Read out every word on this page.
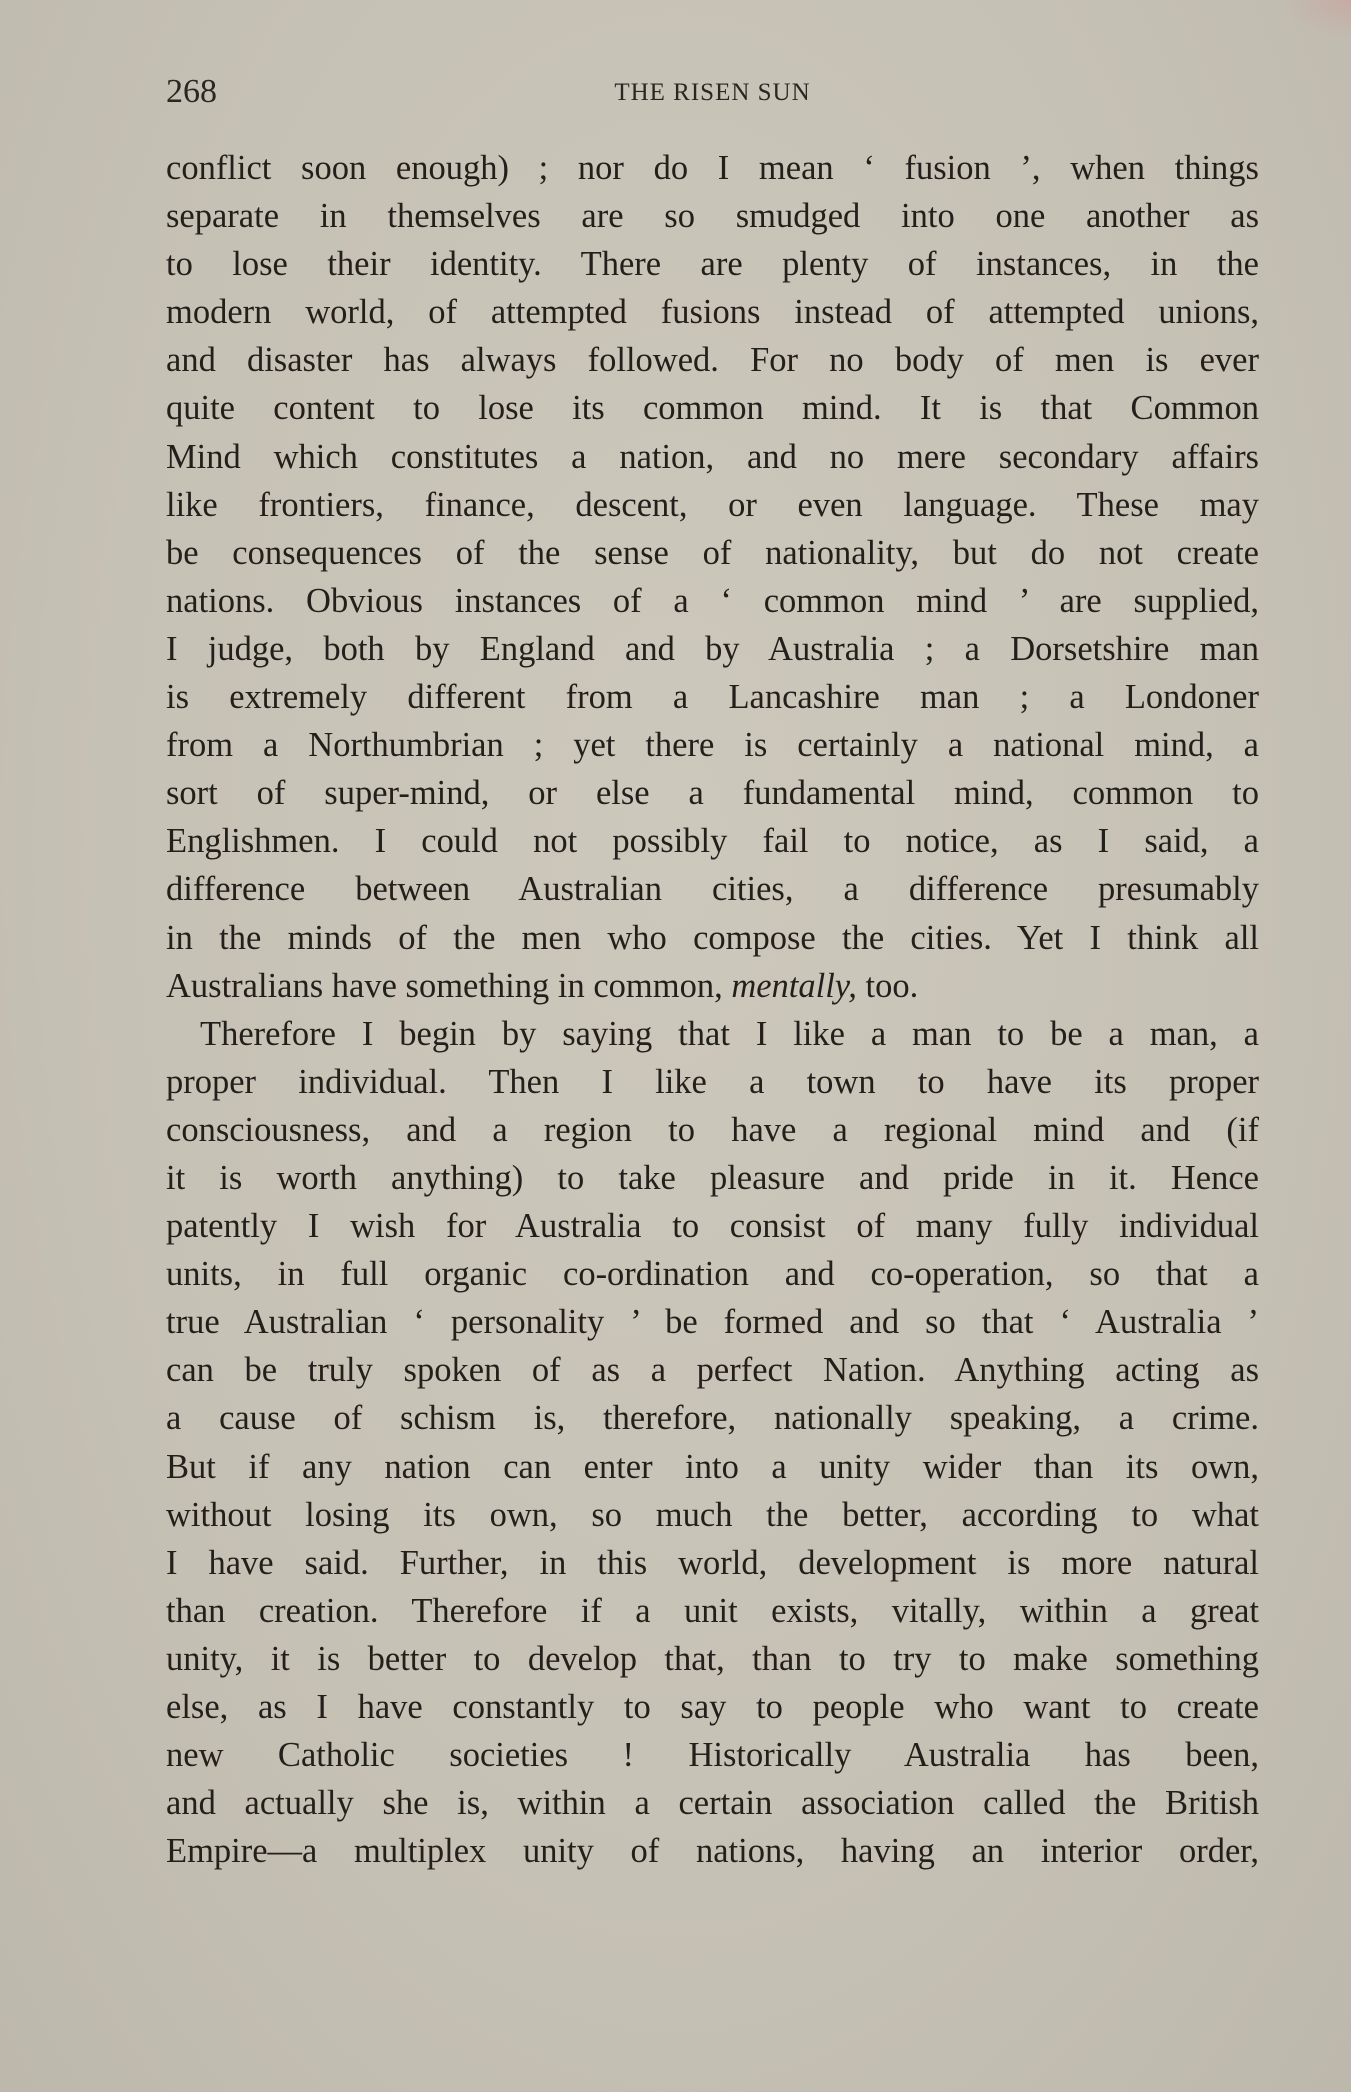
268	THE RISEN SUN
conflict soon enough) ; nor do I mean ‘ fusion ’, when things
separate in themselves are so smudged into one another as
to lose their identity. There are plenty of instances, in the
modern world, of attempted fusions instead of attempted unions,
and disaster has always followed. For no body of men is ever
quite content to lose its common mind. It is that Common
Mind which constitutes a nation, and no mere secondary affairs
like frontiers, finance, descent, or even language. These may
be consequences of the sense of nationality, but do not create
nations. Obvious instances of a ‘ common mind ’ are supplied,
I judge, both by England and by Australia ; a Dorsetshire man
is extremely different from a Lancashire man ; a Londoner
from a Northumbrian ; yet there is certainly a national mind, a
sort of super-mind, or else a fundamental mind, common to
Englishmen. I could not possibly fail to notice, as I said, a
difference between Australian cities, a difference presumably
in the minds of the men who compose the cities. Yet I think all
Australians have something in common, mentally, too.
Therefore I begin by saying that I like a man to be a man, a
proper individual. Then I like a town to have its proper
consciousness, and a region to have a regional mind and (if
it is worth anything) to take pleasure and pride in it. Hence
patently I wish for Australia to consist of many fully individual
units, in full organic co-ordination and co-operation, so that a
true Australian ‘ personality ’ be formed and so that ‘ Australia ’
can be truly spoken of as a perfect Nation. Anything acting as
a cause of schism is, therefore, nationally speaking, a crime.
But if any nation can enter into a unity wider than its own,
without losing its own, so much the better, according to what
I have said. Further, in this world, development is more natural
than creation. Therefore if a unit exists, vitally, within a great
unity, it is better to develop that, than to try to make something
else, as I have constantly to say to people who want to create
new Catholic societies ! Historically Australia has been,
and actually she is, within a certain association called the British
Empire—a multiplex unity of nations, having an interior order,
